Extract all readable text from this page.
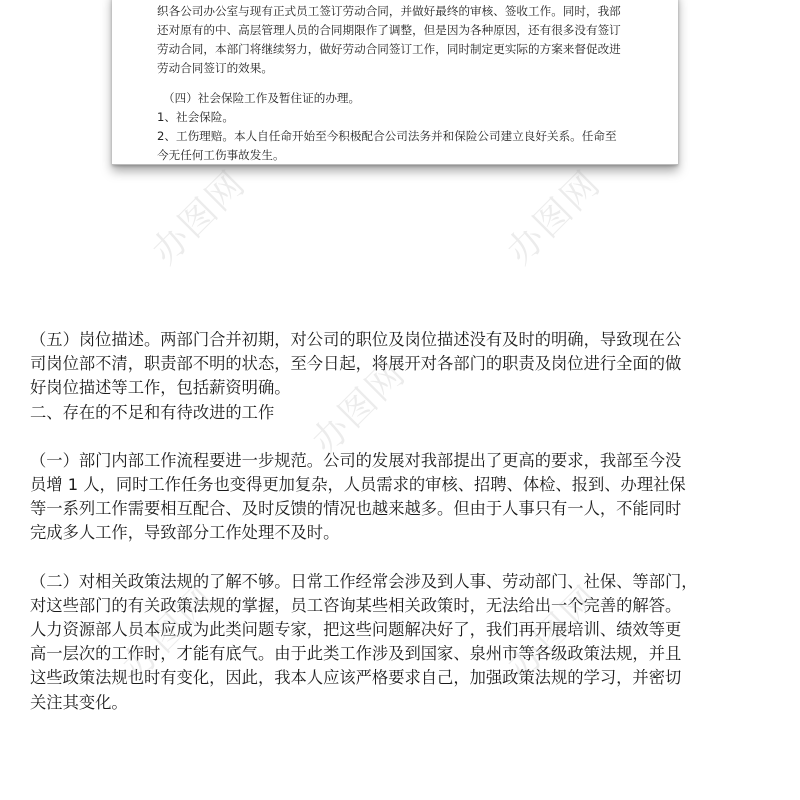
织各公司办公室与现有正式员工签订劳动合同，并做好最终的审核、签收工作。同时，我部

还对原有的中、高层管理人员的合同期限作了调整，但是因为各种原因，还有很多没有签订

劳动合同，本部门将继续努力，做好劳动合同签订工作，同时制定更实际的方案来督促改进

劳动合同签订的效果。

（四）社会保险工作及暂住证的办理。

1、社会保险。

2、工伤理赔。本人自任命开始至今积极配合公司法务并和保险公司建立良好关系。任命至

今无任何工伤事故发生。

（五）岗位描述。两部门合并初期，对公司的职位及岗位描述没有及时的明确，导致现在公

司岗位部不清，职责部不明的状态，至今日起，将展开对各部门的职责及岗位进行全面的做

好岗位描述等工作，包括薪资明确。

二、存在的不足和有待改进的工作

（一）部门内部工作流程要进一步规范。公司的发展对我部提出了更高的要求，我部至今没

员增 1 人，同时工作任务也变得更加复杂，人员需求的审核、招聘、体检、报到、办理社保

等一系列工作需要相互配合、及时反馈的情况也越来越多。但由于人事只有一人，不能同时

完成多人工作，导致部分工作处理不及时。

（二）对相关政策法规的了解不够。日常工作经常会涉及到人事、劳动部门、社保、等部门，

对这些部门的有关政策法规的掌握，员工咨询某些相关政策时，无法给出一个完善的解答。

人力资源部人员本应成为此类问题专家，把这些问题解决好了，我们再开展培训、绩效等更

高一层次的工作时，才能有底气。由于此类工作涉及到国家、泉州市等各级政策法规，并且

这些政策法规也时有变化，因此，我本人应该严格要求自己，加强政策法规的学习，并密切

关注其变化。

办图网	办图网
办图网
办图网	办图网
